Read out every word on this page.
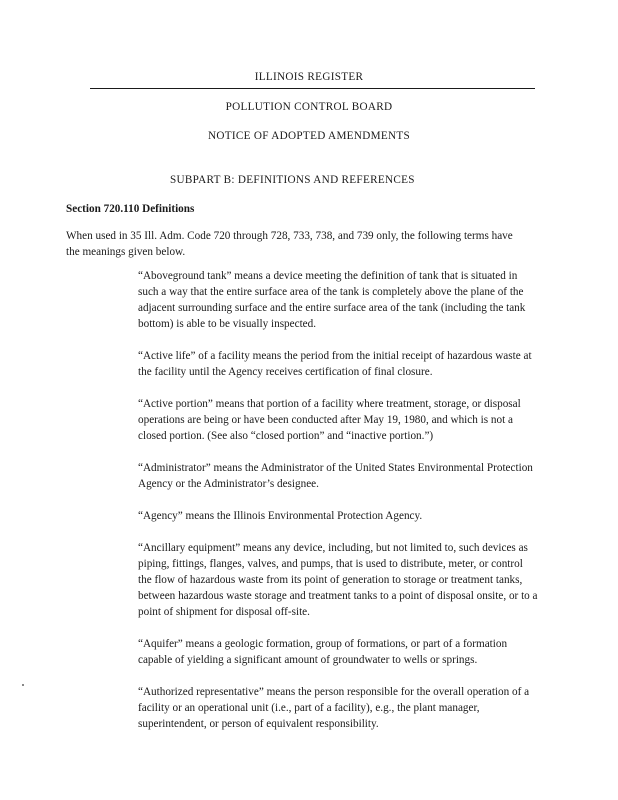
ILLINOIS REGISTER
POLLUTION CONTROL BOARD
NOTICE OF ADOPTED AMENDMENTS
SUBPART B: DEFINITIONS AND REFERENCES
Section 720.110 Definitions
When used in 35 Ill. Adm. Code 720 through 728, 733, 738, and 739 only, the following terms have the meanings given below.

“Aboveground tank” means a device meeting the definition of tank that is situated in such a way that the entire surface area of the tank is completely above the plane of the adjacent surrounding surface and the entire surface area of the tank (including the tank bottom) is able to be visually inspected.

“Active life” of a facility means the period from the initial receipt of hazardous waste at the facility until the Agency receives certification of final closure.

“Active portion” means that portion of a facility where treatment, storage, or disposal operations are being or have been conducted after May 19, 1980, and which is not a closed portion. (See also “closed portion” and “inactive portion.”)

“Administrator” means the Administrator of the United States Environmental Protection Agency or the Administrator’s designee.

“Agency” means the Illinois Environmental Protection Agency.

“Ancillary equipment” means any device, including, but not limited to, such devices as piping, fittings, flanges, valves, and pumps, that is used to distribute, meter, or control the flow of hazardous waste from its point of generation to storage or treatment tanks, between hazardous waste storage and treatment tanks to a point of disposal onsite, or to a point of shipment for disposal off-site.

“Aquifer” means a geologic formation, group of formations, or part of a formation capable of yielding a significant amount of groundwater to wells or springs.

“Authorized representative” means the person responsible for the overall operation of a facility or an operational unit (i.e., part of a facility), e.g., the plant manager, superintendent, or person of equivalent responsibility.
